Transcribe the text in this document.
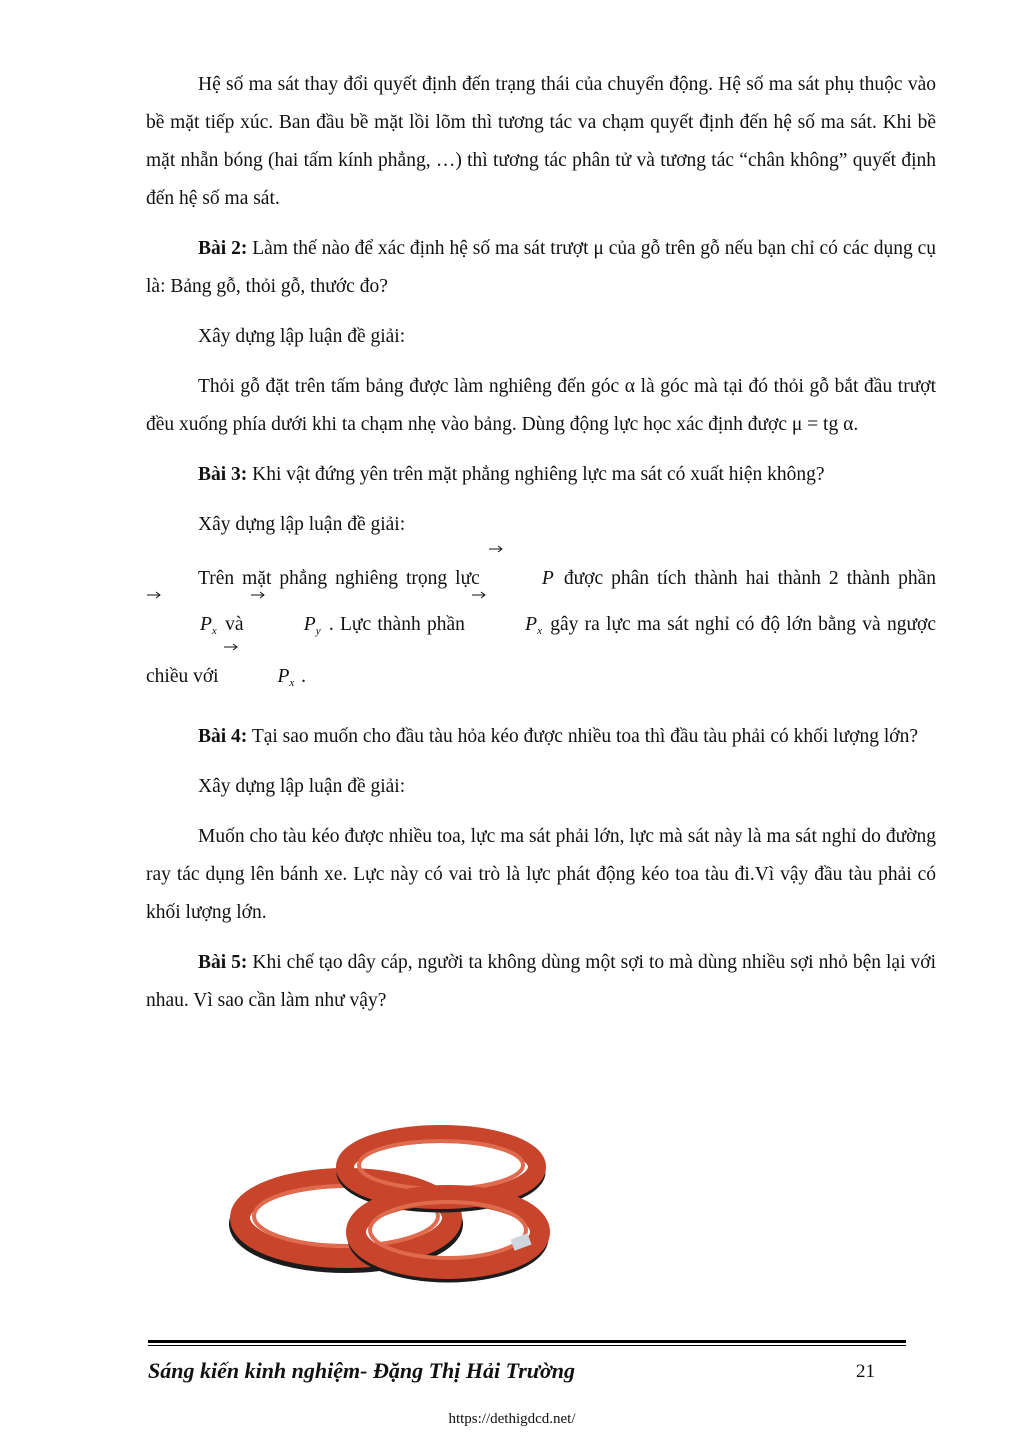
Hệ số ma sát thay đổi quyết định đến trạng thái của chuyển động. Hệ số ma sát phụ thuộc vào bề mặt tiếp xúc. Ban đầu bề mặt lồi lõm thì tương tác va chạm quyết định đến hệ số ma sát. Khi bề mặt nhẵn bóng (hai tấm kính phẳng, …) thì tương tác phân tử và tương tác “chân không” quyết định đến hệ số ma sát.

Bài 2: Làm thế nào để xác định hệ số ma sát trượt μ của gỗ trên gỗ nếu bạn chỉ có các dụng cụ là: Bảng gỗ, thỏi gỗ, thước đo?

Xây dựng lập luận đề giải:

Thỏi gỗ đặt trên tấm bảng được làm nghiêng đến góc α là góc mà tại đó thỏi gỗ bắt đầu trượt đều xuống phía dưới khi ta chạm nhẹ vào bảng. Dùng động lực học xác định được μ = tg α.

Bài 3: Khi vật đứng yên trên mặt phẳng nghiêng lực ma sát có xuất hiện không?

Xây dựng lập luận đề giải:

Trên mặt phẳng nghiêng trọng lực	P được phân tích thành hai thành 2 thành phần
$P_x$ và	$P_y$ . Lực thành phần	$P_x$ gây ra lực ma sát nghỉ có độ lớn bằng và ngược chiều với	$P_x$ .

Bài 4: Tại sao muốn cho đầu tàu hỏa kéo được nhiều toa thì đầu tàu phải có khối lượng lớn?

Xây dựng lập luận đề giải:

Muốn cho tàu kéo được nhiều toa, lực ma sát phải lớn, lực mà sát này là ma sát nghỉ do đường ray tác dụng lên bánh xe. Lực này có vai trò là lực phát động kéo toa tàu đi.Vì vậy đầu tàu phải có khối lượng lớn.

Bài 5: Khi chế tạo dây cáp, người ta không dùng một sợi to mà dùng nhiều sợi nhỏ bện lại với nhau. Vì sao cần làm như vậy?

Sáng kiến kinh nghiệm- Đặng Thị Hải Trường	21
https://dethigdcd.net/
